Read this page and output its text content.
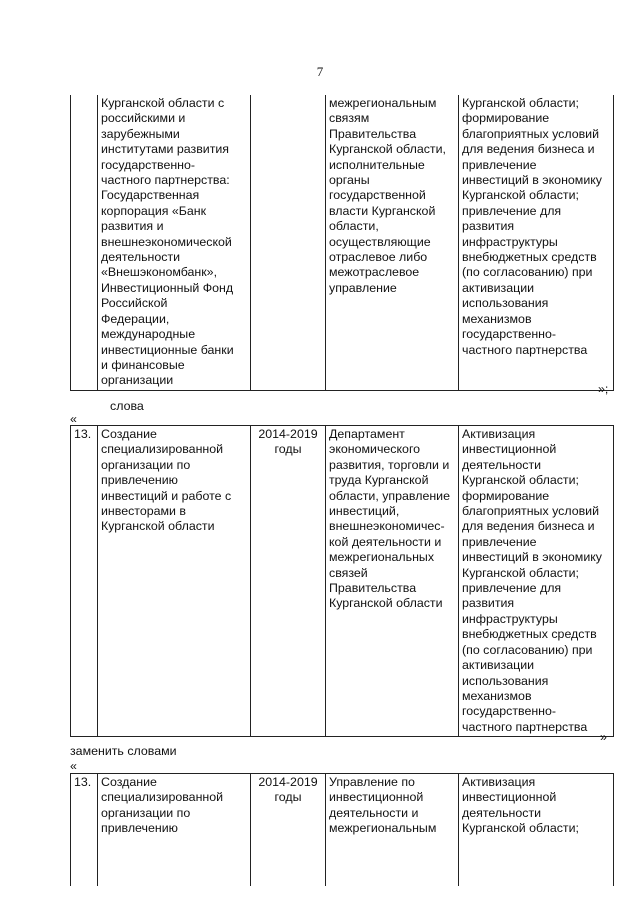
7
	Курганской области с
российскими и
зарубежными
институтами развития
государственно-
частного партнерства:
Государственная
корпорация «Банк
развития и
внешнеэкономической
деятельности
«Внешэкономбанк»,
Инвестиционный Фонд
Российской
Федерации,
международные
инвестиционные банки
и финансовые
организации		межрегиональным
связям
Правительства
Курганской области,
исполнительные
органы
государственной
власти Курганской
области,
осуществляющие
отраслевое либо
межотраслевое
управление	Курганской области;
формирование
благоприятных условий
для ведения бизнеса и
привлечение
инвестиций в экономику
Курганской области;
привлечение для
развития
инфраструктуры
внебюджетных средств
(по согласованию) при
активизации
использования
механизмов
государственно-
частного партнерства
»;
слова
«
13.	Создание
специализированной
организации по
привлечению
инвестиций и работе с
инвесторами в
Курганской области	2014-2019
годы	Департамент
экономического
развития, торговли и
труда Курганской
области, управление
инвестиций,
внешнеэкономичес-
кой деятельности и
межрегиональных
связей
Правительства
Курганской области	Активизация
инвестиционной
деятельности
Курганской области;
формирование
благоприятных условий
для ведения бизнеса и
привлечение
инвестиций в экономику
Курганской области;
привлечение для
развития
инфраструктуры
внебюджетных средств
(по согласованию) при
активизации
использования
механизмов
государственно-
частного партнерства
»
заменить словами
«
13.	Создание
специализированной
организации по
привлечению	2014-2019
годы	Управление по
инвестиционной
деятельности и
межрегиональным	Активизация
инвестиционной
деятельности
Курганской области;
